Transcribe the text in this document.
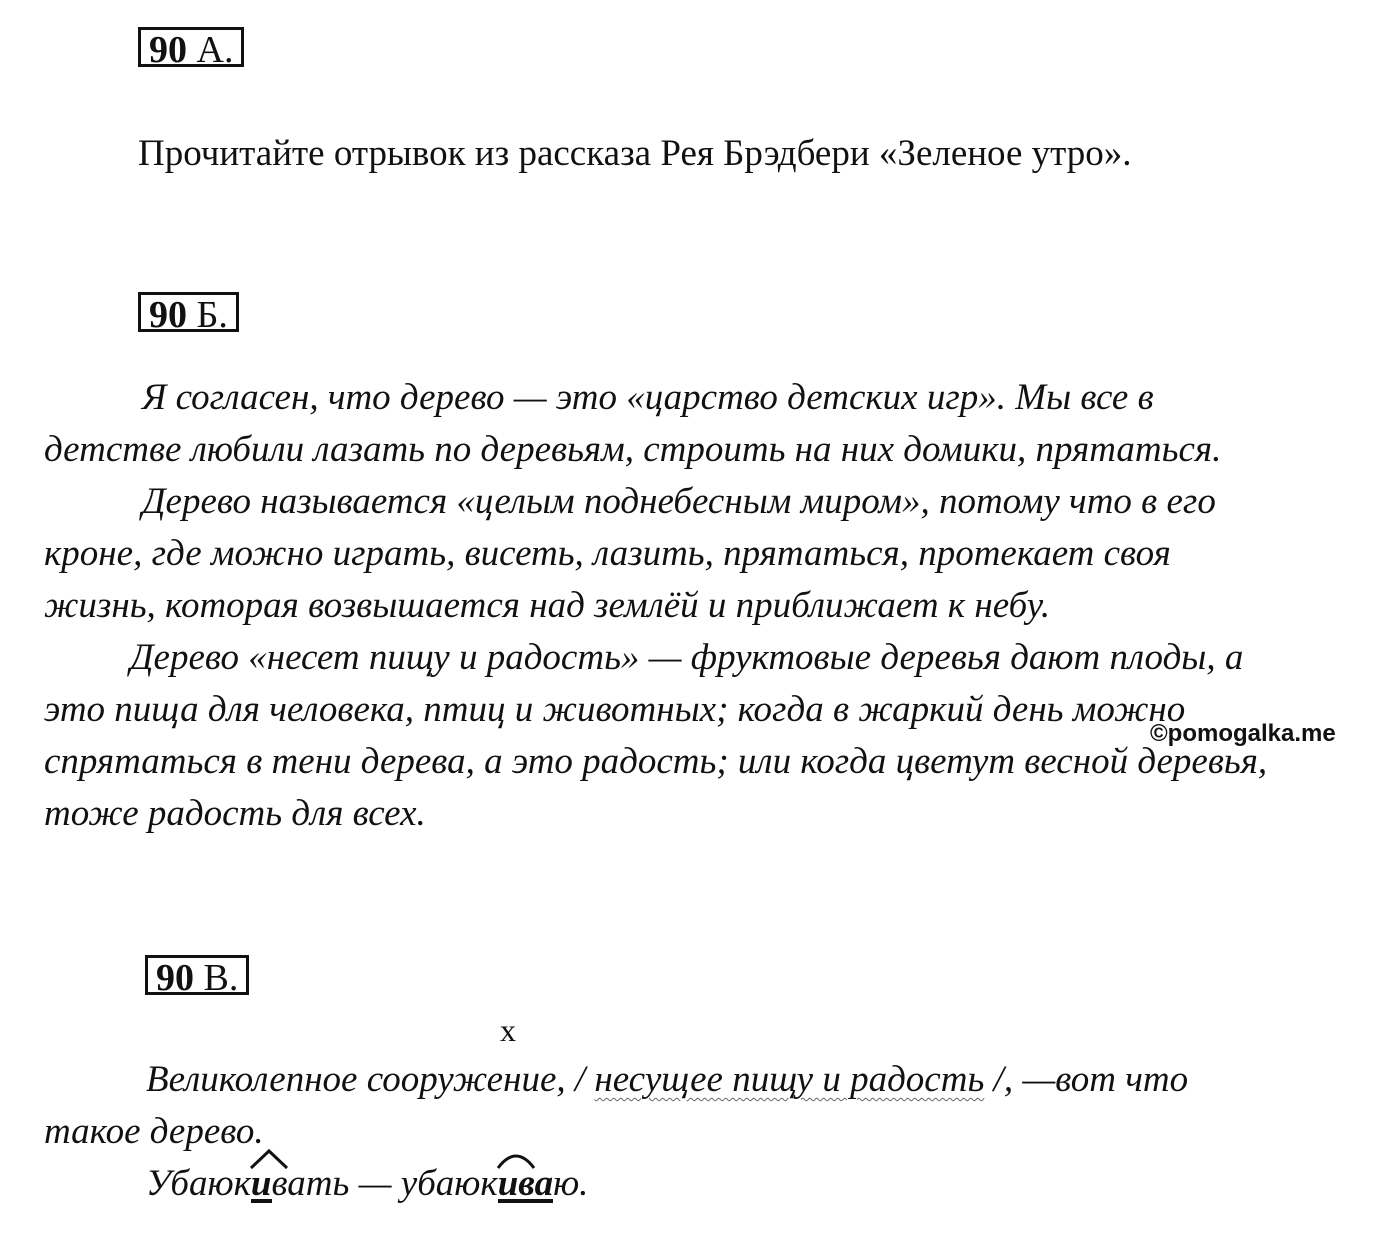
90 А.
Прочитайте отрывок из рассказа Рея Брэдбери «Зеленое утро».
90 Б.
Я согласен, что дерево — это «царство детских игр». Мы все в
детстве любили лазать по деревьям, строить на них домики, прятаться.
Дерево называется «целым поднебесным миром», потому что в его
кроне, где можно играть, висеть, лазить, прятаться, протекает своя
жизнь, которая возвышается над землёй и приближает к небу.
Дерево «несет пищу и радость» — фруктовые деревья дают плоды, а
это пища для человека, птиц и животных; когда в жаркий день можно
спрятаться в тени дерева, а это радость; или когда цветут весной деревья,
тоже радость для всех.
©pomogalka.me
90 В.
x
Великолепное сооружение, / несущее пищу и радость /, —вот что
такое дерево.
Убаюк
ивать — убаюк
иваю.
